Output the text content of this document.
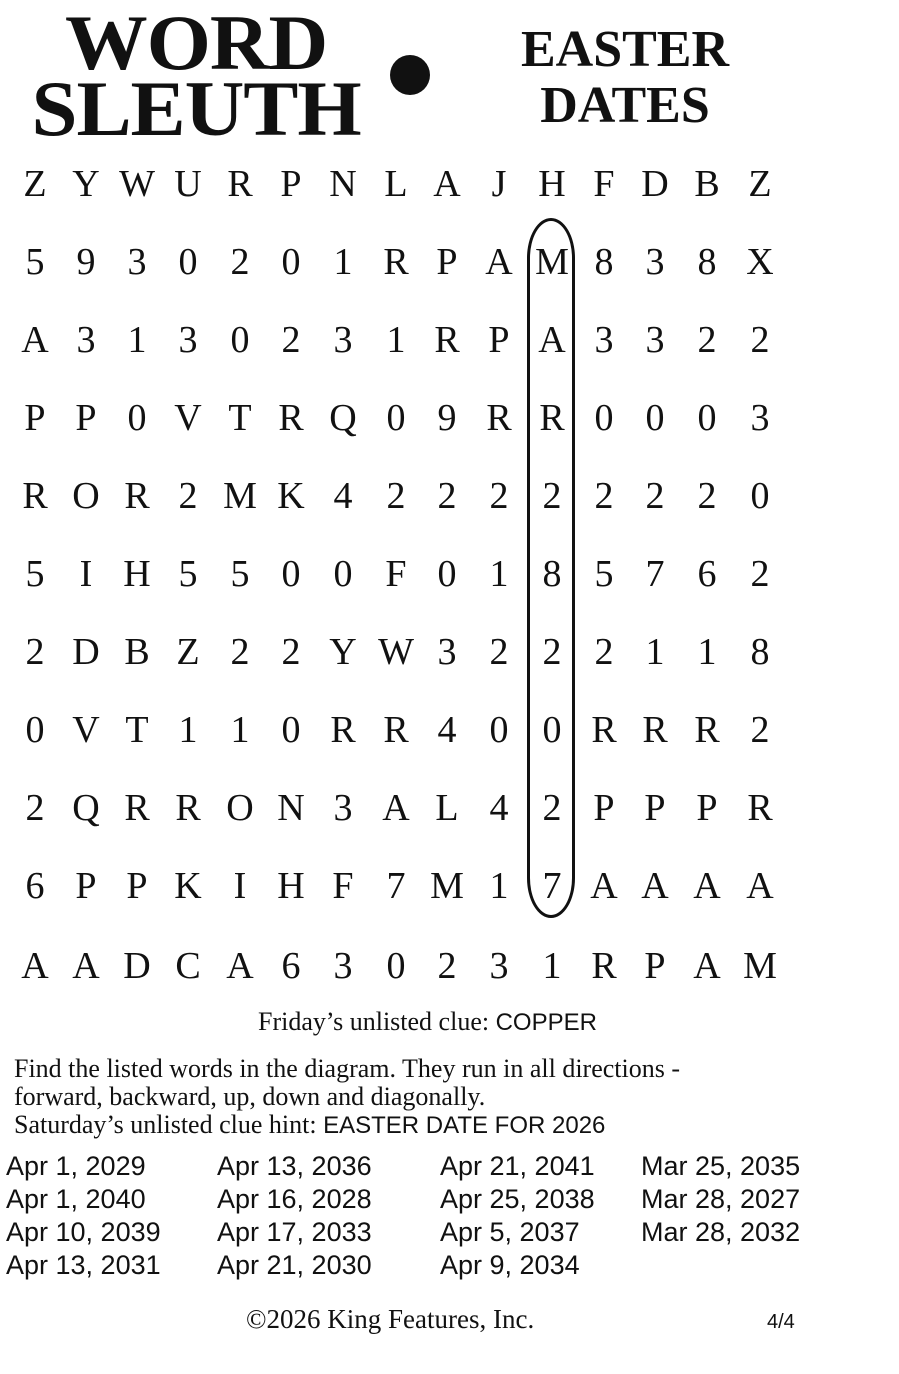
WORD
SLEUTH
EASTER
DATES
Z Y W U R P N L A J H F D B Z
5 9 3 0 2 0 1 R P A M 8 3 8 X
A 3 1 3 0 2 3 1 R P A 3 3 2 2
P P 0 V T R Q 0 9 R R 0 0 0 3
R O R 2 M K 4 2 2 2 2 2 2 2 0
5 I H 5 5 0 0 F 0 1 8 5 7 6 2
2 D B Z 2 2 Y W 3 2 2 2 1 1 8
0 V T 1 1 0 R R 4 0 0 R R R 2
2 Q R R O N 3 A L 4 2 P P P R
6 P P K I H F 7 M 1 7 A A A A
A A D C A 6 3 0 2 3 1 R P A M
Friday’s unlisted clue: COPPER
Find the listed words in the diagram. They run in all directions -
forward, backward, up, down and diagonally.
Saturday’s unlisted clue hint: EASTER DATE FOR 2026
Apr 1, 2029
Apr 1, 2040
Apr 10, 2039
Apr 13, 2031
Apr 13, 2036
Apr 16, 2028
Apr 17, 2033
Apr 21, 2030
Apr 21, 2041
Apr 25, 2038
Apr 5, 2037
Apr 9, 2034
Mar 25, 2035
Mar 28, 2027
Mar 28, 2032
©2026 King Features, Inc.	4/4
